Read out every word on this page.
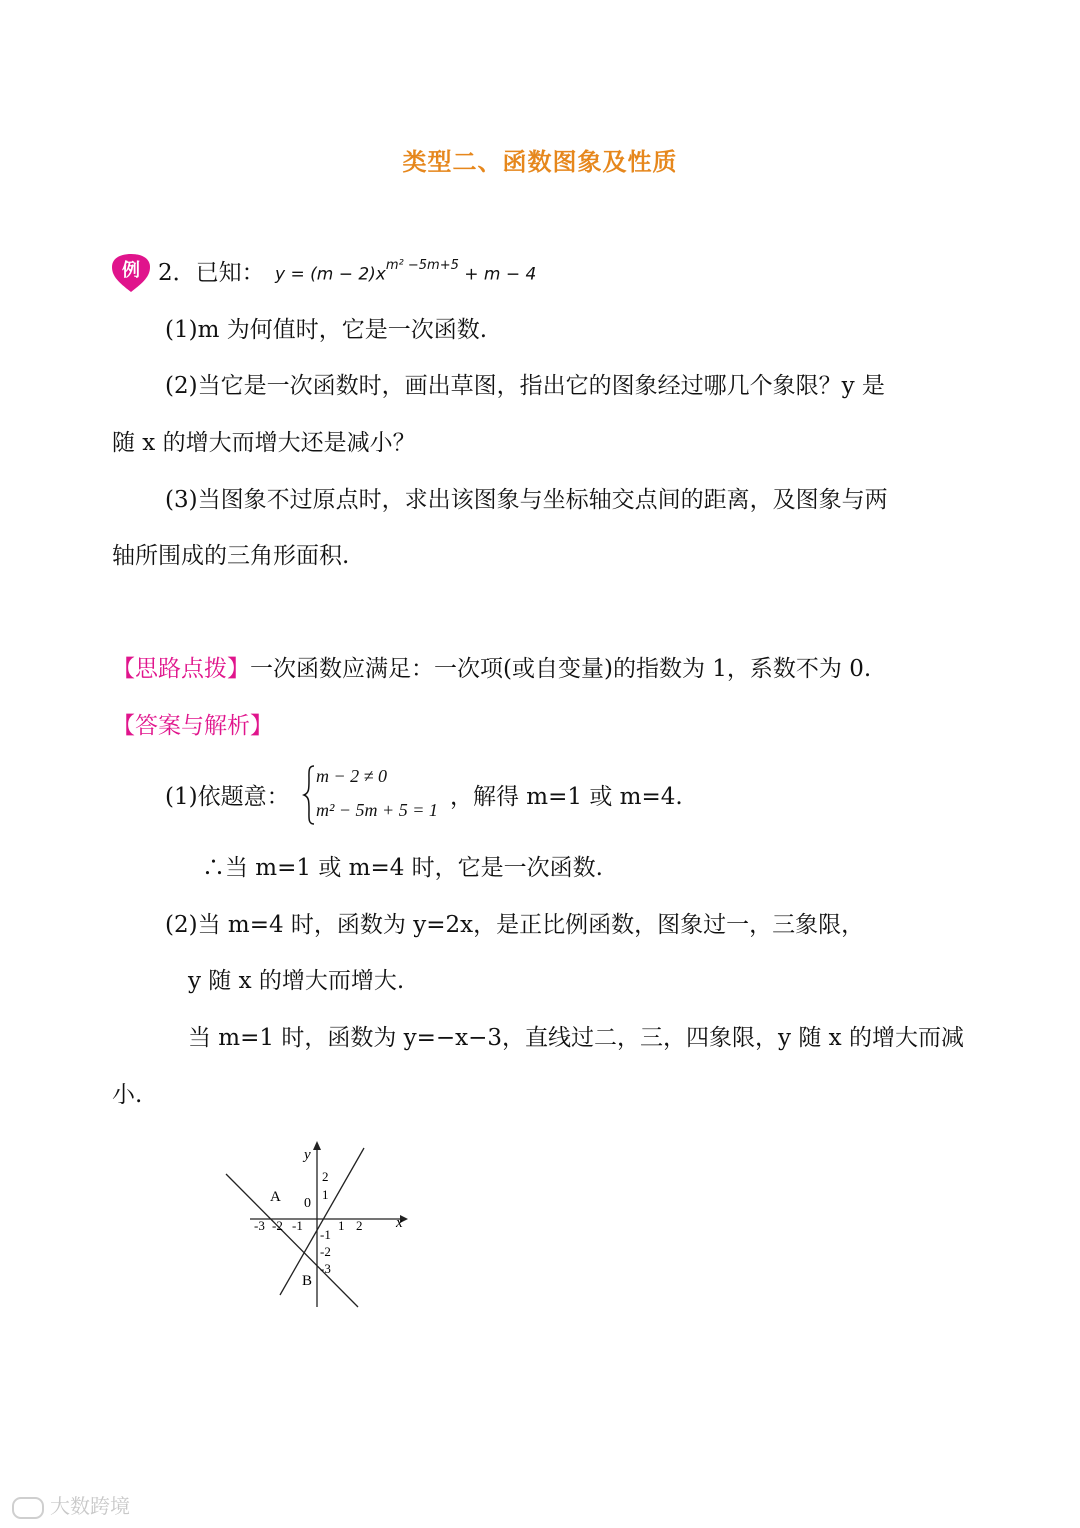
类型二、函数图象及性质
例 2．已知： $y = (m - 2)x^{m^2 -5m+5} + m - 4$
(1)m 为何值时，它是一次函数.
(2)当它是一次函数时，画出草图，指出它的图象经过哪几个象限？y 是
随 x 的增大而增大还是减小？
(3)当图象不过原点时，求出该图象与坐标轴交点间的距离，及图象与两
轴所围成的三角形面积.
【思路点拨】一次函数应满足：一次项(或自变量)的指数为 1，系数不为 0.
【答案与解析】
(1)依题意：
m − 2 ≠ 0
m² − 5m + 5 = 1 ，解得 m=1 或 m=4.
∴当 m=1 或 m=4 时，它是一次函数.
(2)当 m=4 时，函数为 y=2x，是正比例函数，图象过一，三象限，
y 随 x 的增大而增大.
当 m=1 时，函数为 y=−x−3，直线过二，三，四象限，y 随 x 的增大而减
小.
-3 -2 -1	1 2
2
1
-1
-2
-3
0
y
x
A
B
大数跨境
